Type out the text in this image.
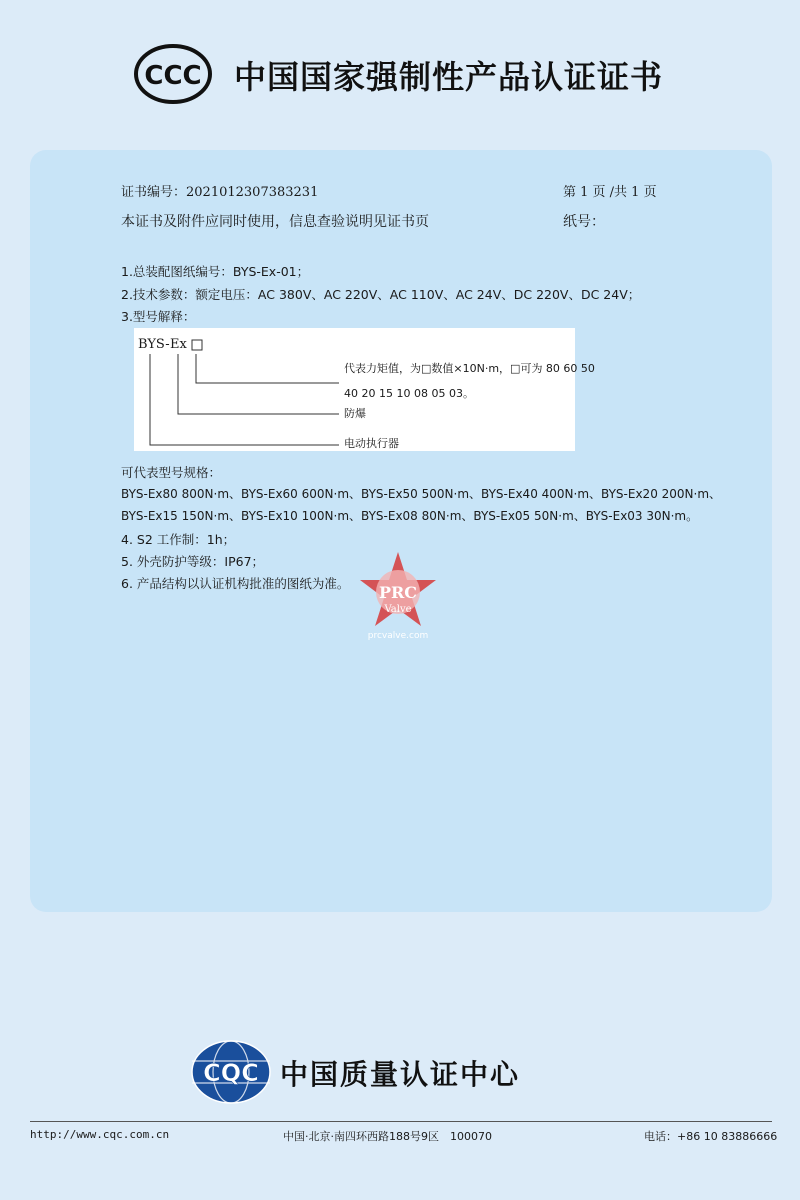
CCC 中国国家强制性产品认证证书
证书编号：2021012307383231	第 1 页 /共 1 页
本证书及附件应同时使用，信息查验说明见证书页	纸号：
1.总装配图纸编号：BYS-Ex-01；
2.技术参数：额定电压：AC 380V、AC 220V、AC 110V、AC 24V、DC 220V、DC 24V；
3.型号解释：
BYS- Ex
代表力矩值，为□数值×10N·m，□可为 80 60 50
40 20 15 10 08 05 03。
防爆
电动执行器
可代表型号规格：
BYS-Ex80 800N·m、BYS-Ex60 600N·m、BYS-Ex50 500N·m、BYS-Ex40 400N·m、BYS-Ex20 200N·m、
BYS-Ex15 150N·m、BYS-Ex10 100N·m、BYS-Ex08 80N·m、BYS-Ex05 50N·m、BYS-Ex03 30N·m。
4. S2 工作制：1h；
5. 外壳防护等级：IP67；
6. 产品结构以认证机构批准的图纸为准。 PRC
Valve
prcvalve.com
CQC 中国质量认证中心
http://www.cqc.com.cn	中国·北京·南四环西路188号9区　100070	电话：+86 10 83886666
